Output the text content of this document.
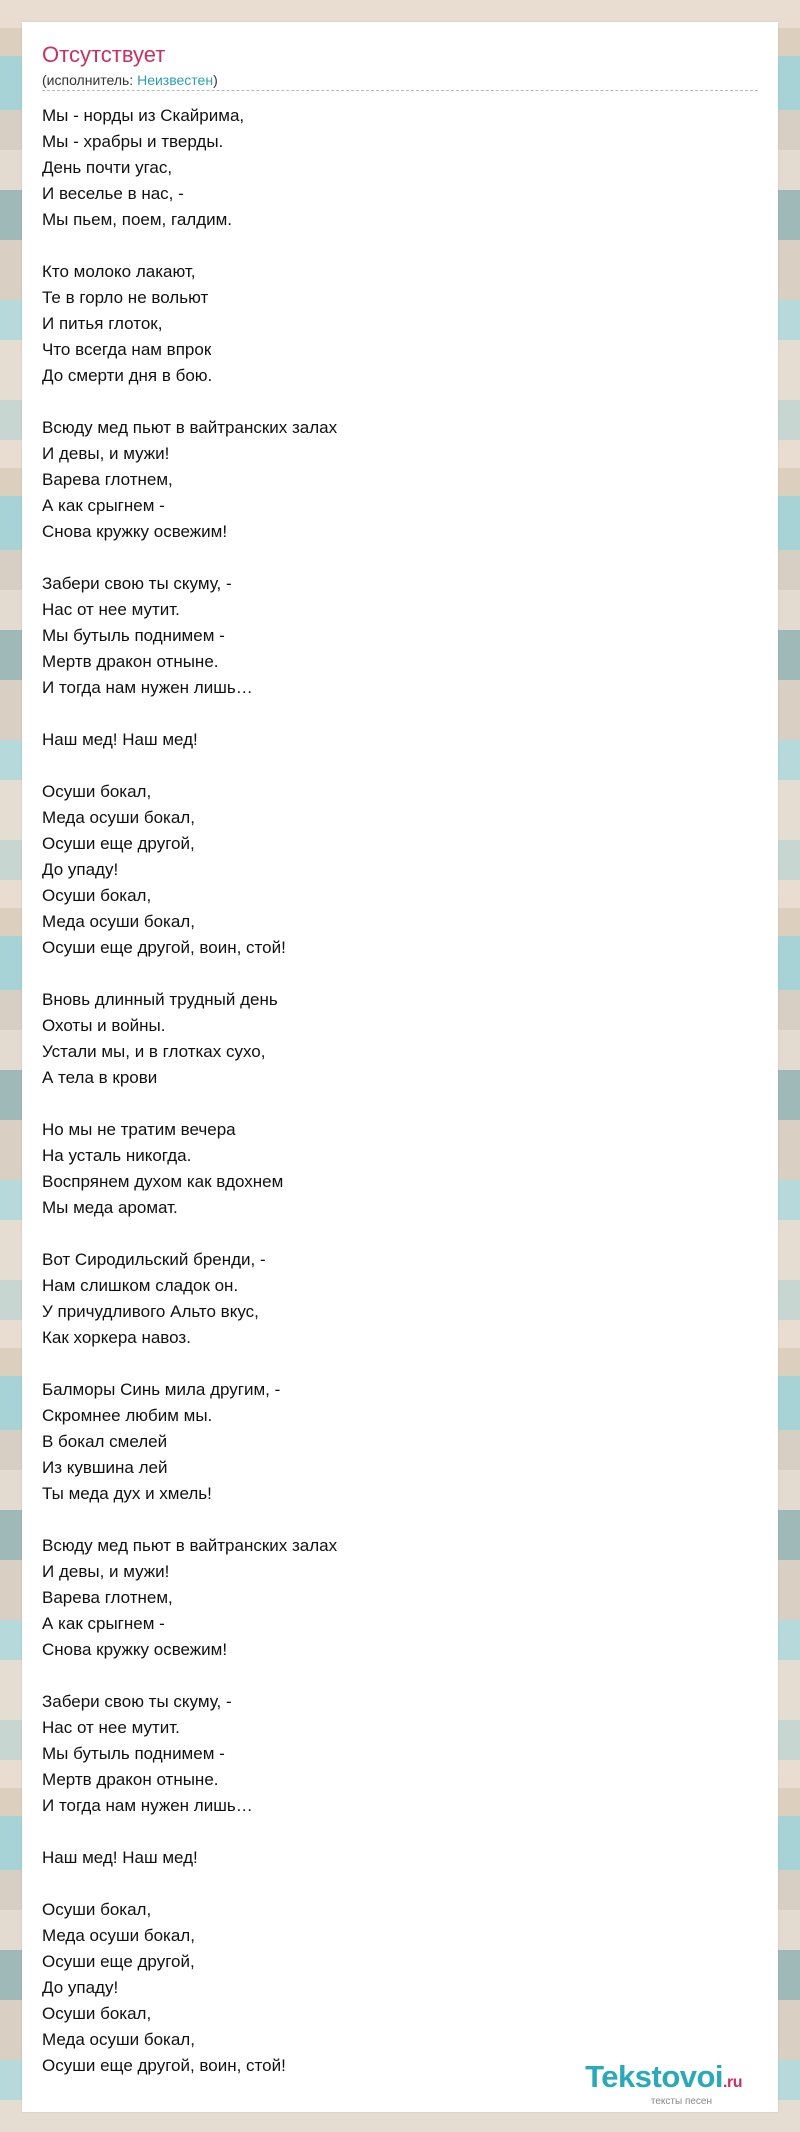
Отсутствует
(исполнитель: Неизвестен)
Мы - норды из Скайрима,
Мы - храбры и тверды.
День почти угас,
И веселье в нас, -
Мы пьем, поем, галдим.
Кто молоко лакают,
Те в горло не вольют
И питья глоток,
Что всегда нам впрок
До смерти дня в бою.
Всюду мед пьют в вайтранских залах
И девы, и мужи!
Варева глотнем,
А как срыгнем -
Снова кружку освежим!
Забери свою ты скуму, -
Нас от нее мутит.
Мы бутыль поднимем -
Мертв дракон отныне.
И тогда нам нужен лишь…
Наш мед! Наш мед!
Осуши бокал,
Меда осуши бокал,
Осуши еще другой,
До упаду!
Осуши бокал,
Меда осуши бокал,
Осуши еще другой, воин, стой!
Вновь длинный трудный день
Охоты и войны.
Устали мы, и в глотках сухо,
А тела в крови
Но мы не тратим вечера
На усталь никогда.
Воспрянем духом как вдохнем
Мы меда аромат.
Вот Сиродильский бренди, -
Нам слишком сладок он.
У причудливого Альто вкус,
Как хоркера навоз.
Балморы Синь мила другим, -
Скромнее любим мы.
В бокал смелей
Из кувшина лей
Ты меда дух и хмель!
Всюду мед пьют в вайтранских залах
И девы, и мужи!
Варева глотнем,
А как срыгнем -
Снова кружку освежим!
Забери свою ты скуму, -
Нас от нее мутит.
Мы бутыль поднимем -
Мертв дракон отныне.
И тогда нам нужен лишь…
Наш мед! Наш мед!
Осуши бокал,
Меда осуши бокал,
Осуши еще другой,
До упаду!
Осуши бокал,
Меда осуши бокал,
Осуши еще другой, воин, стой!	Tekstovoi.ru
тексты песен
